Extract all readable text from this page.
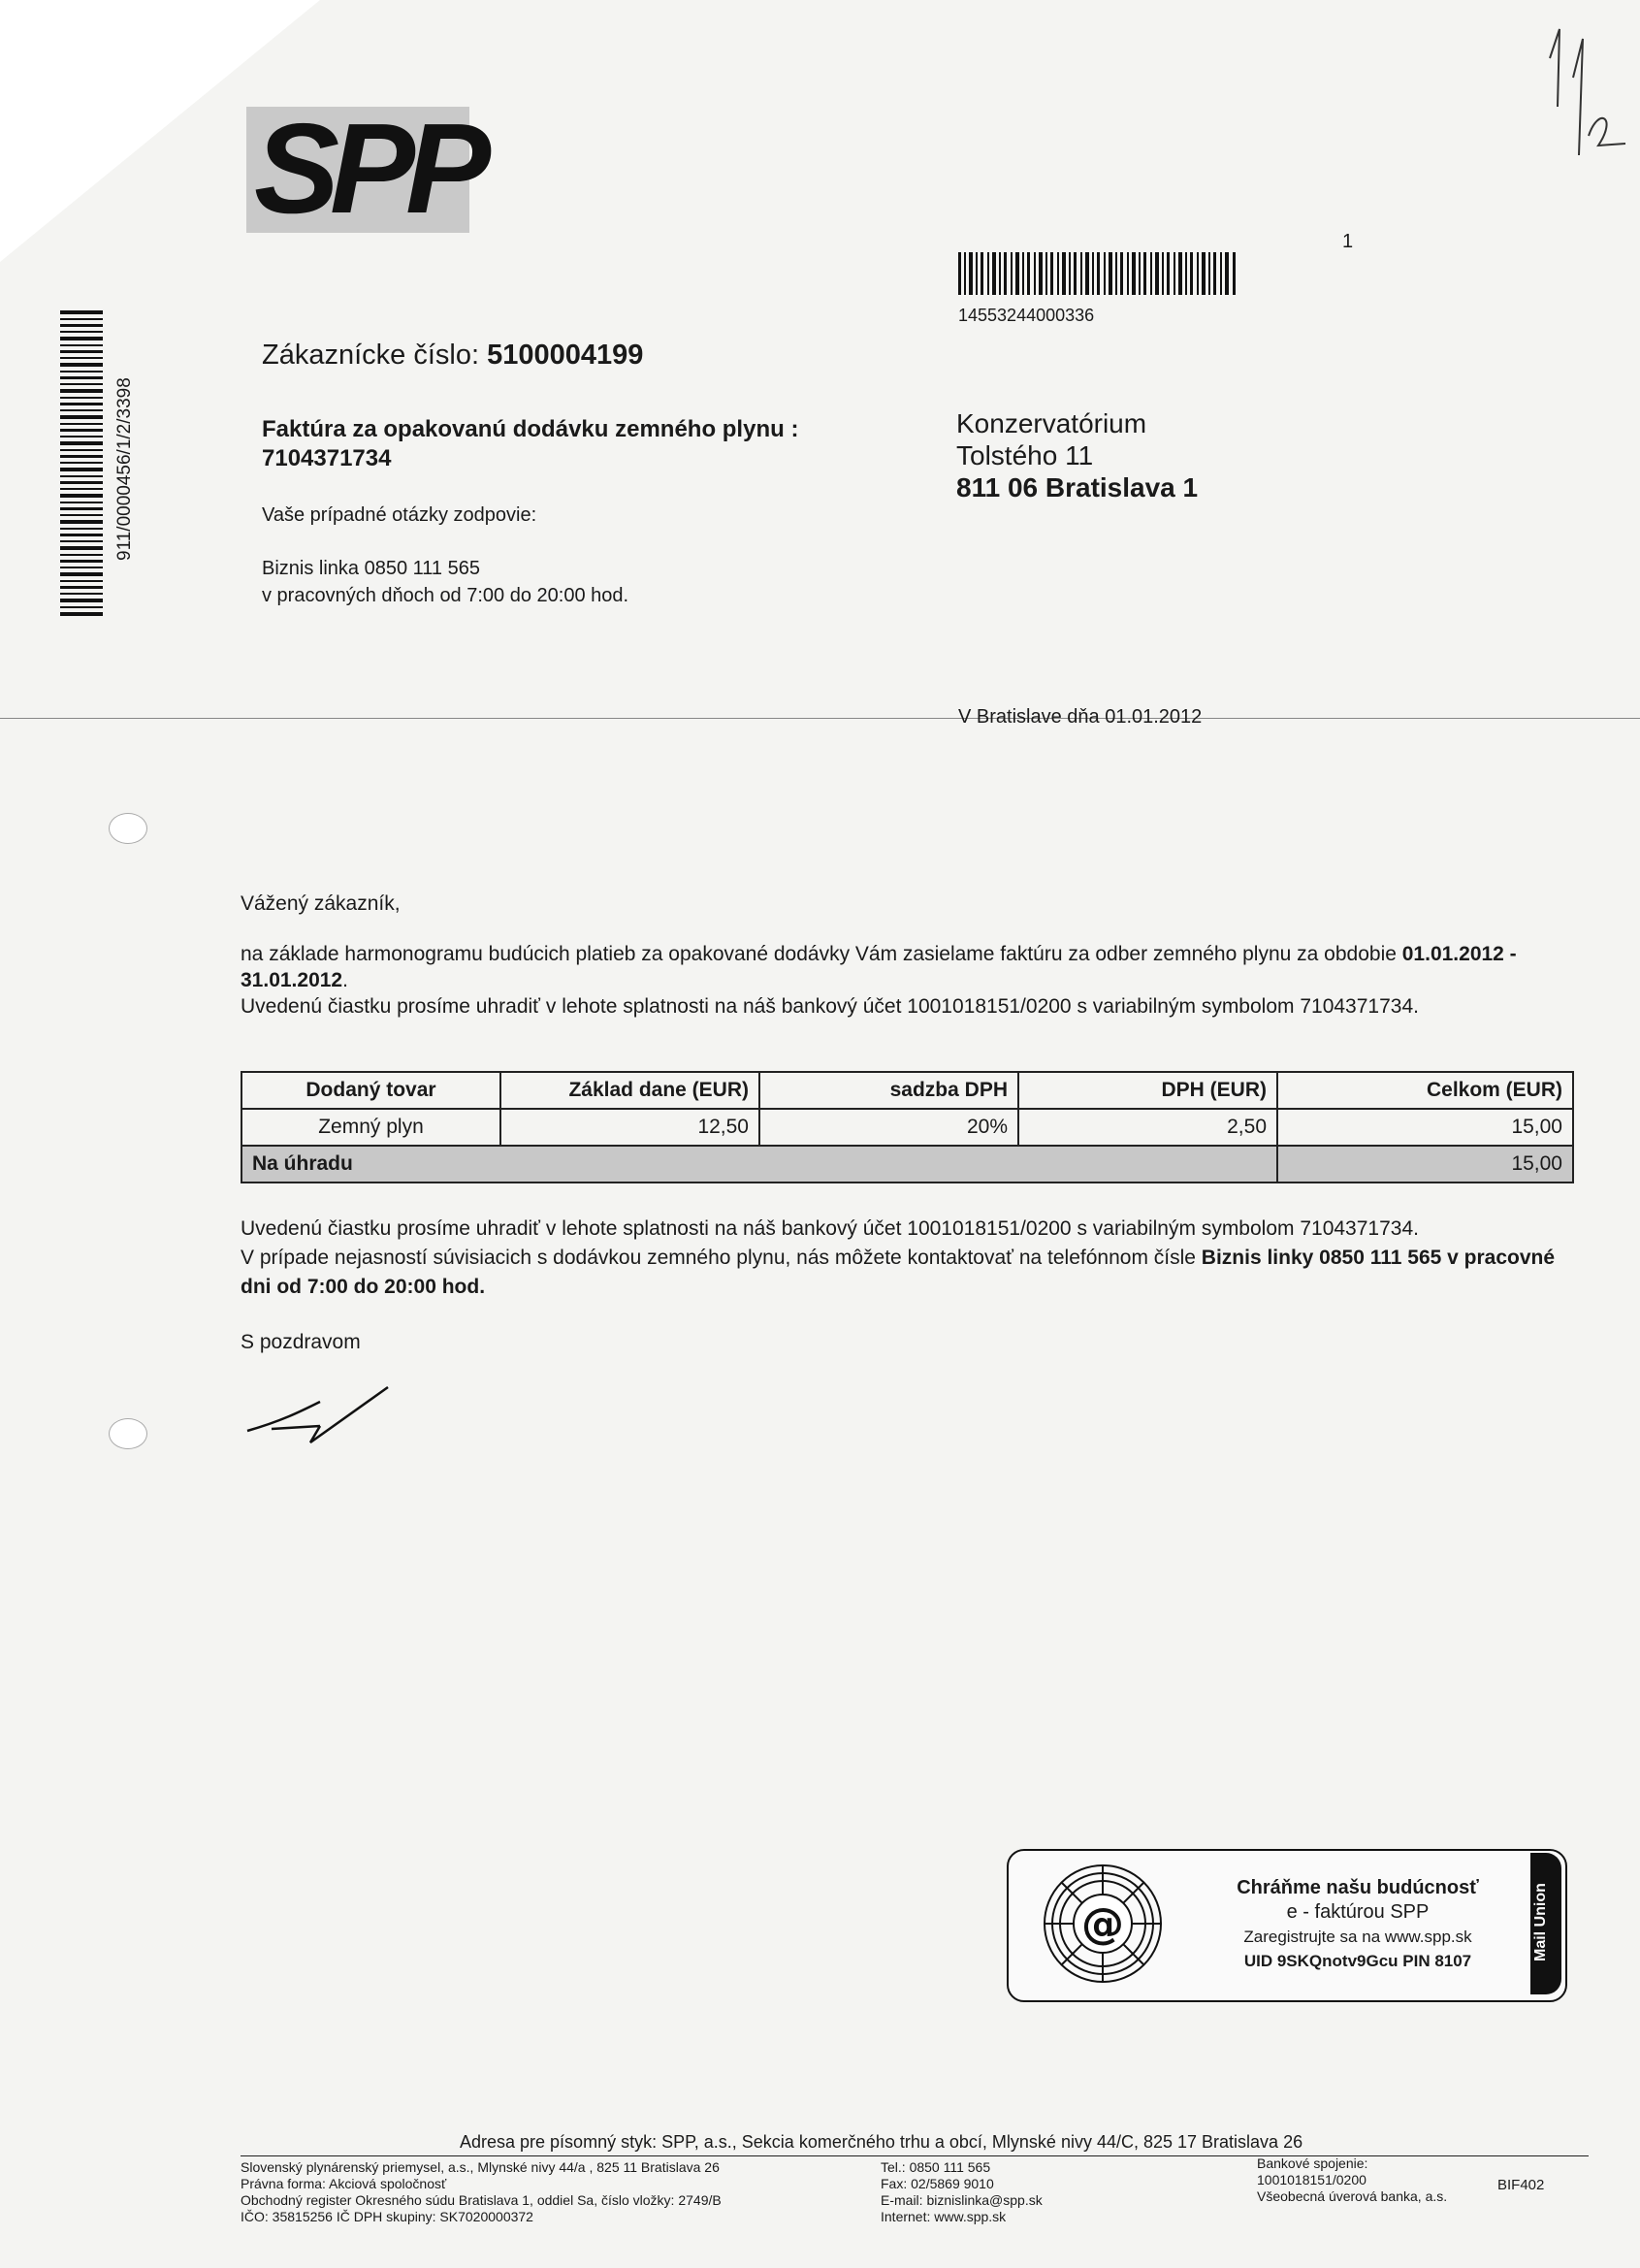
SPP
1
14553244000336
911/0000456/1/2/3398
Zákaznícke číslo: 5100004199
Faktúra za opakovanú dodávku zemného plynu :
7104371734
Vaše prípadné otázky zodpovie:
Biznis linka 0850 111 565
v pracovných dňoch od 7:00 do 20:00 hod.
Konzervatórium
Tolstého 11
811 06 Bratislava 1
V Bratislave dňa 01.01.2012
Vážený zákazník,
na základe harmonogramu budúcich platieb za opakované dodávky Vám zasielame faktúru za odber zemného plynu za obdobie 01.01.2012 - 31.01.2012.
Uvedenú čiastku prosíme uhradiť v lehote splatnosti na náš bankový účet 1001018151/0200 s variabilným symbolom 7104371734.
Dodaný tovar	Základ dane (EUR)	sadzba DPH	DPH (EUR)	Celkom (EUR)
Zemný plyn	12,50	20%	2,50	15,00
Na úhradu				15,00
Uvedenú čiastku prosíme uhradiť v lehote splatnosti na náš bankový účet 1001018151/0200 s variabilným symbolom 7104371734.
V prípade nejasností súvisiacich s dodávkou zemného plynu, nás môžete kontaktovať na telefónnom čísle Biznis linky 0850 111 565 v pracovné dni od 7:00 do 20:00 hod.
S pozdravom
@
Chráňme našu budúcnosť
e - faktúrou SPP
Zaregistrujte sa na www.spp.sk
UID 9SKQnotv9Gcu PIN 8107	Mail Union
Adresa pre písomný styk: SPP, a.s., Sekcia komerčného trhu a obcí, Mlynské nivy 44/C, 825 17 Bratislava 26
Slovenský plynárenský priemysel, a.s., Mlynské nivy 44/a , 825 11 Bratislava 26
Právna forma: Akciová spoločnosť
Obchodný register Okresného súdu Bratislava 1, oddiel Sa, číslo vložky: 2749/B
IČO: 35815256 IČ DPH skupiny: SK7020000372
Tel.: 0850 111 565
Fax: 02/5869 9010
E-mail: biznislinka@spp.sk
Internet: www.spp.sk
Bankové spojenie:
1001018151/0200
Všeobecná úverová banka, a.s.
BIF402
